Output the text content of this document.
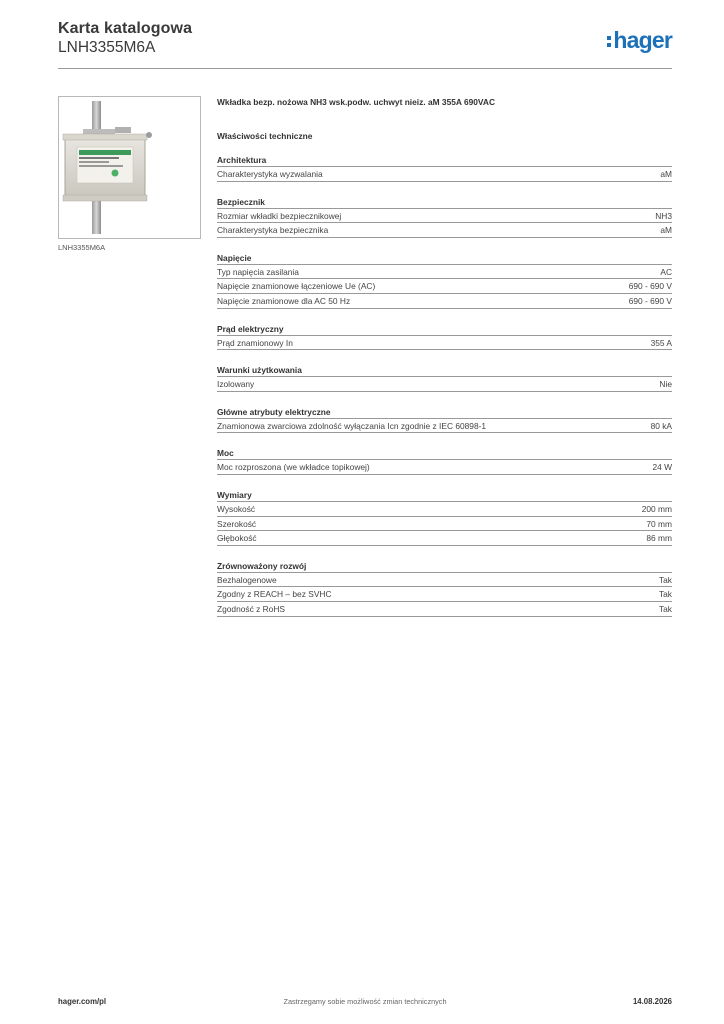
Karta katalogowa
LNH3355M6A	hager
LNH3355M6A
Wkładka bezp. nożowa NH3 wsk.podw. uchwyt nieiz. aM 355A 690VAC
Właściwości techniczne
Architektura
Charakterystyka wyzwalania	aM
Bezpiecznik
Rozmiar wkładki bezpiecznikowej	NH3
Charakterystyka bezpiecznika	aM
Napięcie
Typ napięcia zasilania	AC
Napięcie znamionowe łączeniowe Ue (AC)	690 - 690 V
Napięcie znamionowe dla AC 50 Hz	690 - 690 V
Prąd elektryczny
Prąd znamionowy In	355 A
Warunki użytkowania
Izolowany	Nie
Główne atrybuty elektryczne
Znamionowa zwarciowa zdolność wyłączania Icn zgodnie z IEC 60898-1	80 kA
Moc
Moc rozproszona (we wkładce topikowej)	24 W
Wymiary
Wysokość	200 mm
Szerokość	70 mm
Głębokość	86 mm
Zrównoważony rozwój
Bezhalogenowe	Tak
Zgodny z REACH – bez SVHC	Tak
Zgodność z RoHS	Tak
hager.com/pl	Zastrzegamy sobie możliwość zmian technicznych	14.08.2026
